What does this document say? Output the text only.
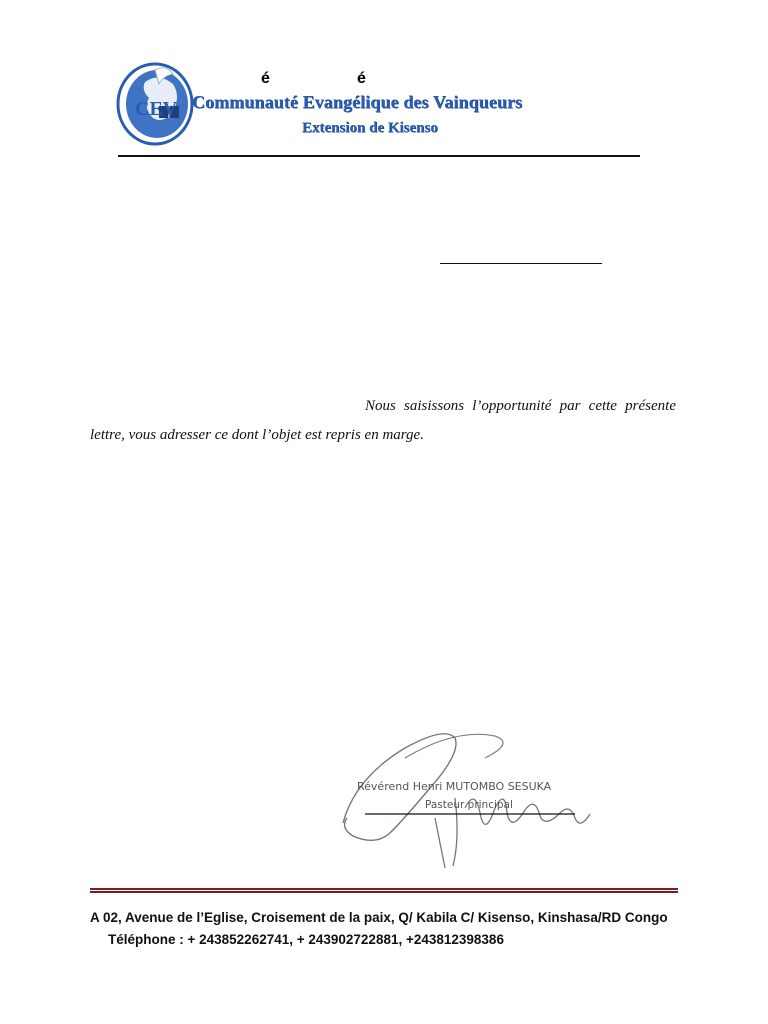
CEV
é	é
Communauté Evangélique des Vainqueurs
Extension de Kisenso

Nous saisissons l’opportunité par cette présente lettre, vous adresser ce dont l’objet est repris en marge.

Révérend Henri MUTOMBO SESUKA
Pasteur principal
A 02, Avenue de l’Eglise, Croisement de la paix, Q/ Kabila C/ Kisenso, Kinshasa/RD Congo
Téléphone : + 243852262741, + 243902722881, +243812398386
